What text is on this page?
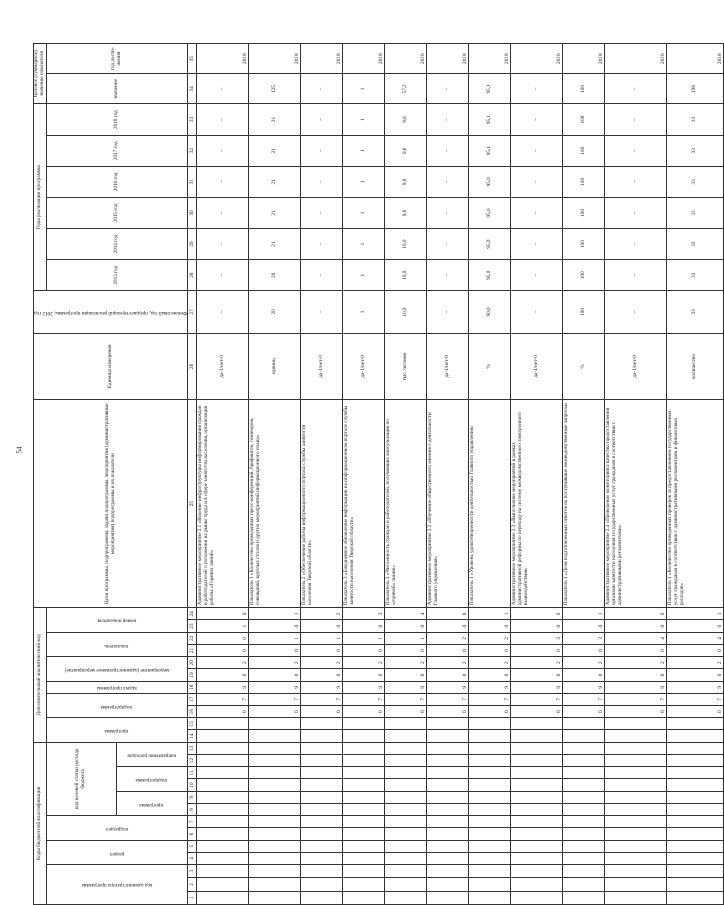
54
Коды бюджетной классификации													Дополнительный аналитический код											Цели программы, подпрограммы, задачи подпрограммы, мероприятия (административные мероприятия) подпрограммы и их показатели	Единица измерения	Финансовый год, предшествующий реализации программы, 2012 год	Годы реализации программы						Целевое (суммарное) значение показателя	
код администратора программы			раздел		подраздел		код целевой статьи расхода бюджета						программа		подпрограмма		задача программы	мероприятие (административное мероприятие)		показатель		номер показателя					2013 год	2014 год	2015 год	2016 год	2017 год	2018 год	значение	год дости-жения
							программа		подпрограмма		направление расходов																							
1	2	3	4	5	6	7	8	9	10	11	12	13	14	15	16	17	18	19	20	21	22	23	24	25	26	27	28	29	30	31	32	33	34	35
															0	7	9	0	2	0	0	1	0	Административное мероприятие 2.1 «Ведение инфраструктуры информирования граждан и работодателей о положении на рынке труда и в сфере занятости населения, организация работы «Горячих линий»	да-1/нет-0	–	–	–	–	–	–	–	–	2018
															0	7	9	0	2	0	1	0	1	Показатель 1 «Количество проведенных пресс-конференций, брифингов, семинаров, совещаний, круглых столов и других мероприятий информационного плана»	единиц	20	20	21	21	21	21	21	125	2018
															0	7	9	0	2	0	1	0	2	Показатель 2 «Обеспечение работы информационного портала службы занятости населения Тверской области»	да-1/нет-0	–	–	–	–	–	–	–	–	2018
															0	7	9	0	2	0	1	0	3	Показатель 3 «Ежедневное обновление информации на информационном портале службы занятости населения Тверской области»	да-1/нет-0	1	1	1	1	1	1	1	1	2018
															0	7	9	0	2	0	1	0	4	Показатель 4 «Численность граждан и работодателей, получивших консультации по «горячей» линии»	тыс. человек	10,9	10,0	10,0	9,8	9,8	9,8	9,8	57,2	2018
															0	7	9	0	2	0	2	0	0	Административное мероприятие 2.2 «Изучение общественного мнения о деятельности Главного управления»	да-1/нет-0	–	–	–	–	–	–	–	–	2018
															0	7	9	0	2	0	2	0	1	Показатель 1 «Уровень удовлетворенности деятельностью Главного управления»	%	90,0	95,0	95,0	95,0	95,0	95,1	95,1	95,1	2018
															0	7	9	0	2	0	3	0	0	Административное мероприятие 2.3 «Выполнение мероприятий в рамках административной реформы по переходу на систему межведомственного электронного взаимодействия»	да-1/нет-0	–	–	–	–	–	–	–	–	2018
															0	7	9	0	2	0	3	0	1	Показатель 1 «Доля подготовленных ответов на поступившие межведомственные запросы»	%	100	100	100	100	100	100	100	100	2018
															0	7	9	0	2	0	4	0	0	Административное мероприятие 2.4 «Проведение мониторинга качества предоставления органами занятости населения государственных услуг гражданам в соответствии с административными регламентами»	да-1/нет-0	–	–	–	–	–	–	–	–	2018
															0	7	9	0	2	0	4	0	1	Показатель 1 «Количество проведенных проверок за предоставлением государственных услуг гражданам в соответствии с административными регламентами и финансовых расходов»	количество	33	33	33	33	33	33	33	198	2018
